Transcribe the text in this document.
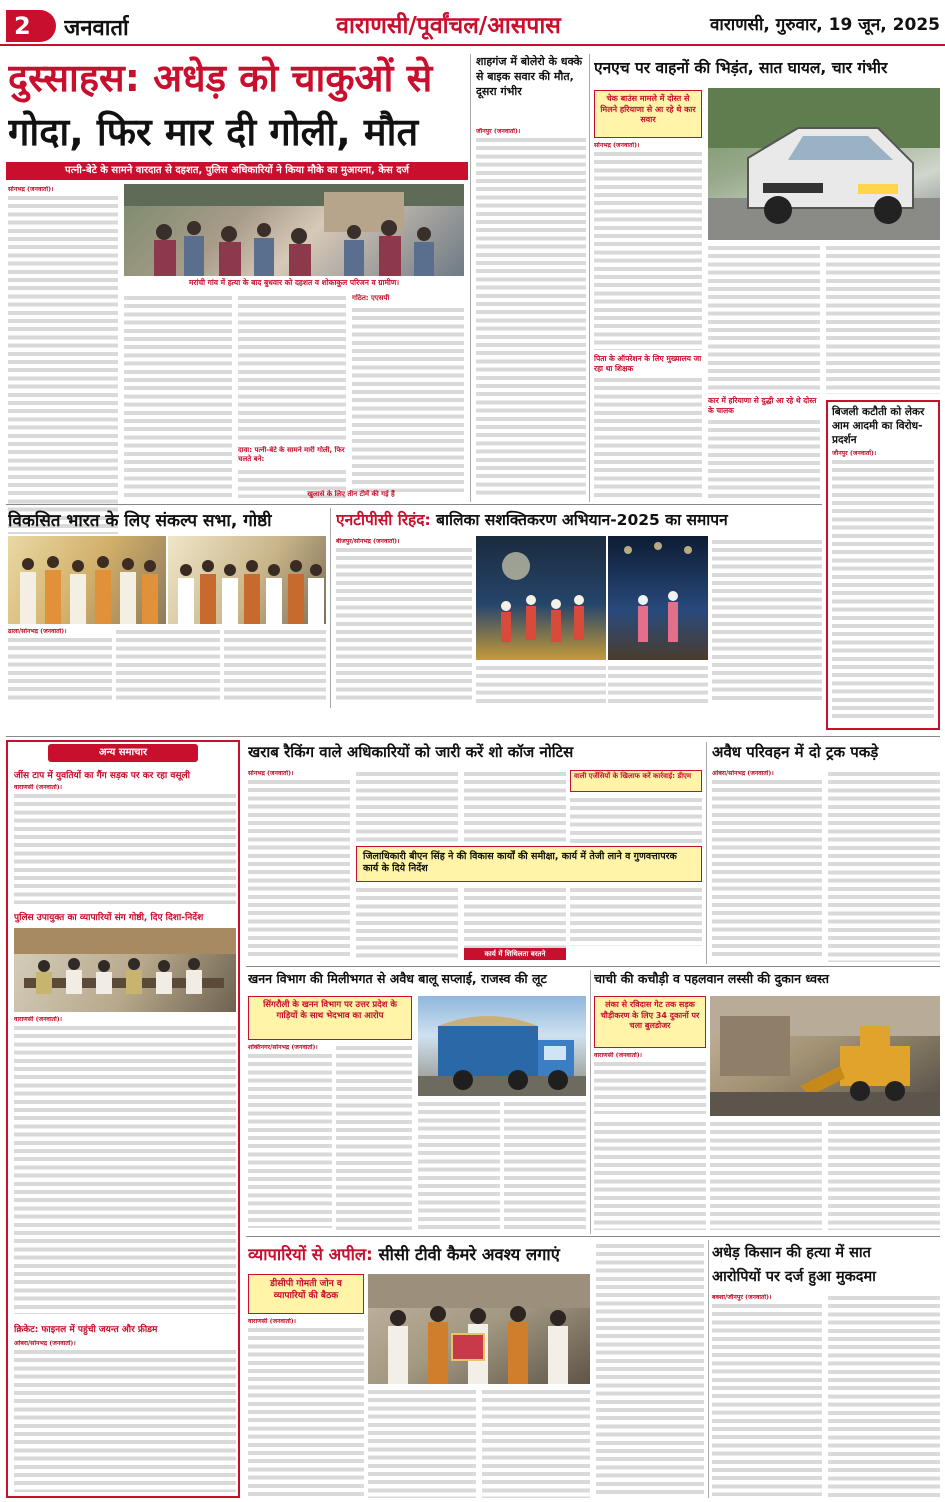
2 जनवार्ता	वाराणसी/पूर्वांचल/आसपास	वाराणसी, गुरुवार, 19 जून, 2025
दुस्साहस: अधेड़ को चाकुओं से
गोदा, फिर मार दी गोली, मौत
पत्नी-बेटे के सामने वारदात से दहशत, पुलिस अधिकारियों ने किया मौके का मुआयना, केस दर्ज
सोनभद्र (जनवार्ता)।
मरांची गांव में हत्या के बाद बुधवार को दहशत व शोकाकुल परिजन व ग्रामीण।
दावा: पत्नी-बेटे के सामने मारी गोली, फिर चलते बने:
गठित: एएसपी
खुलासे के लिए तीन टीमें की गई हैं
शाहगंज में बोलेरो के धक्के से बाइक सवार की मौत, दूसरा गंभीर
जौनपुर (जनवार्ता)।
एनएच पर वाहनों की भिड़ंत, सात घायल, चार गंभीर
चेक बाउंस मामले में दोस्त से मिलने हरियाणा से आ रहे थे कार सवार
सोनभद्र (जनवार्ता)।
पिता के ऑपरेशन के लिए मुख्यालय जा रहा था शिक्षक
कार में हरियाणा से दुद्धी आ रहे थे दोस्त के चालक	बिजली कटौती को लेकर आम आदमी का विरोध-प्रदर्शन
जौनपुर (जनवार्ता)।
विकसित भारत के लिए संकल्प सभा, गोष्ठी
ढाला/सोनभद्र (जनवार्ता)।
एनटीपीसी रिहंद: बालिका सशक्तिकरण अभियान-2025 का समापन
बीजपुर/सोनभद्र (जनवार्ता)।
अन्य समाचार
जींस टाप में युवतियों का गैंग सड़क पर कर रहा वसूली
वाराणसी (जनवार्ता)।
पुलिस उपायुक्त का व्यापारियों संग गोष्ठी, दिए दिशा-निर्देश
वाराणसी (जनवार्ता)।
क्रिकेट: फाइनल में पहुंची जयन्त और फ्रीडम
ओबरा/सोनभद्र (जनवार्ता)।
खराब रैकिंग वाले अधिकारियों को जारी करें शो कॉज नोटिस
सोनभद्र (जनवार्ता)।
जिलाधिकारी बीएन सिंह ने की विकास कार्यों की समीक्षा, कार्य में तेजी लाने व गुणवत्तापरक कार्य के दिये निर्देश
वाली एजेंसियों के खिलाफ करें कार्रवाई: डीएम
कार्य में शिथिलता बरतने
अवैध परिवहन में दो ट्रक पकड़े
ओबरा/सोनभद्र (जनवार्ता)।
खनन विभाग की मिलीभगत से अवैध बालू सप्लाई, राजस्व की लूट
सिंगरौली के खनन विभाग पर उत्तर प्रदेश के गाड़ियों के साथ भेदभाव का आरोप
शक्तिनगर/सोनभद्र (जनवार्ता)।
चाची की कचौड़ी व पहलवान लस्सी की दुकान ध्वस्त
लंका से रविदास गेट तक सड़क चौड़ीकरण के लिए 34 दुकानों पर चला बुलडोजर
वाराणसी (जनवार्ता)।
व्यापारियों से अपील: सीसी टीवी कैमरे अवश्य लगाएं
डीसीपी गोमती जोन व व्यापारियों की बैठक
वाराणसी (जनवार्ता)।
अधेड़ किसान की हत्या में सात
आरोपियों पर दर्ज हुआ मुकदमा
बक्शा/जौनपुर (जनवार्ता)।
